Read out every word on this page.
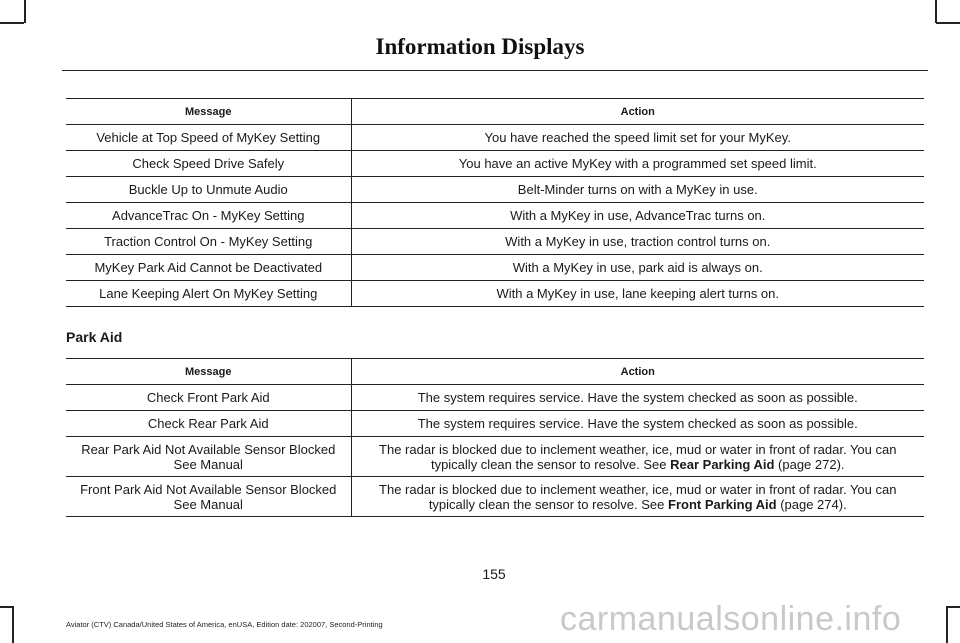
Information Displays
Message	Action
Vehicle at Top Speed of MyKey Setting	You have reached the speed limit set for your MyKey.
Check Speed Drive Safely	You have an active MyKey with a programmed set speed limit.
Buckle Up to Unmute Audio	Belt-Minder turns on with a MyKey in use.
AdvanceTrac On - MyKey Setting	With a MyKey in use, AdvanceTrac turns on.
Traction Control On - MyKey Setting	With a MyKey in use, traction control turns on.
MyKey Park Aid Cannot be Deactivated	With a MyKey in use, park aid is always on.
Lane Keeping Alert On MyKey Setting	With a MyKey in use, lane keeping alert turns on.
Park Aid
Message	Action
Check Front Park Aid	The system requires service. Have the system checked as soon as possible.
Check Rear Park Aid	The system requires service. Have the system checked as soon as possible.
Rear Park Aid Not Available Sensor Blocked
See Manual	The radar is blocked due to inclement weather, ice, mud or water in front of radar. You can typically clean the sensor to resolve. See Rear Parking Aid (page 272).
Front Park Aid Not Available Sensor Blocked
See Manual	The radar is blocked due to inclement weather, ice, mud or water in front of radar. You can typically clean the sensor to resolve. See Front Parking Aid (page 274).
155
Aviator (CTV) Canada/United States of America, enUSA, Edition date: 202007, Second-Printing	carmanualsonline.info
